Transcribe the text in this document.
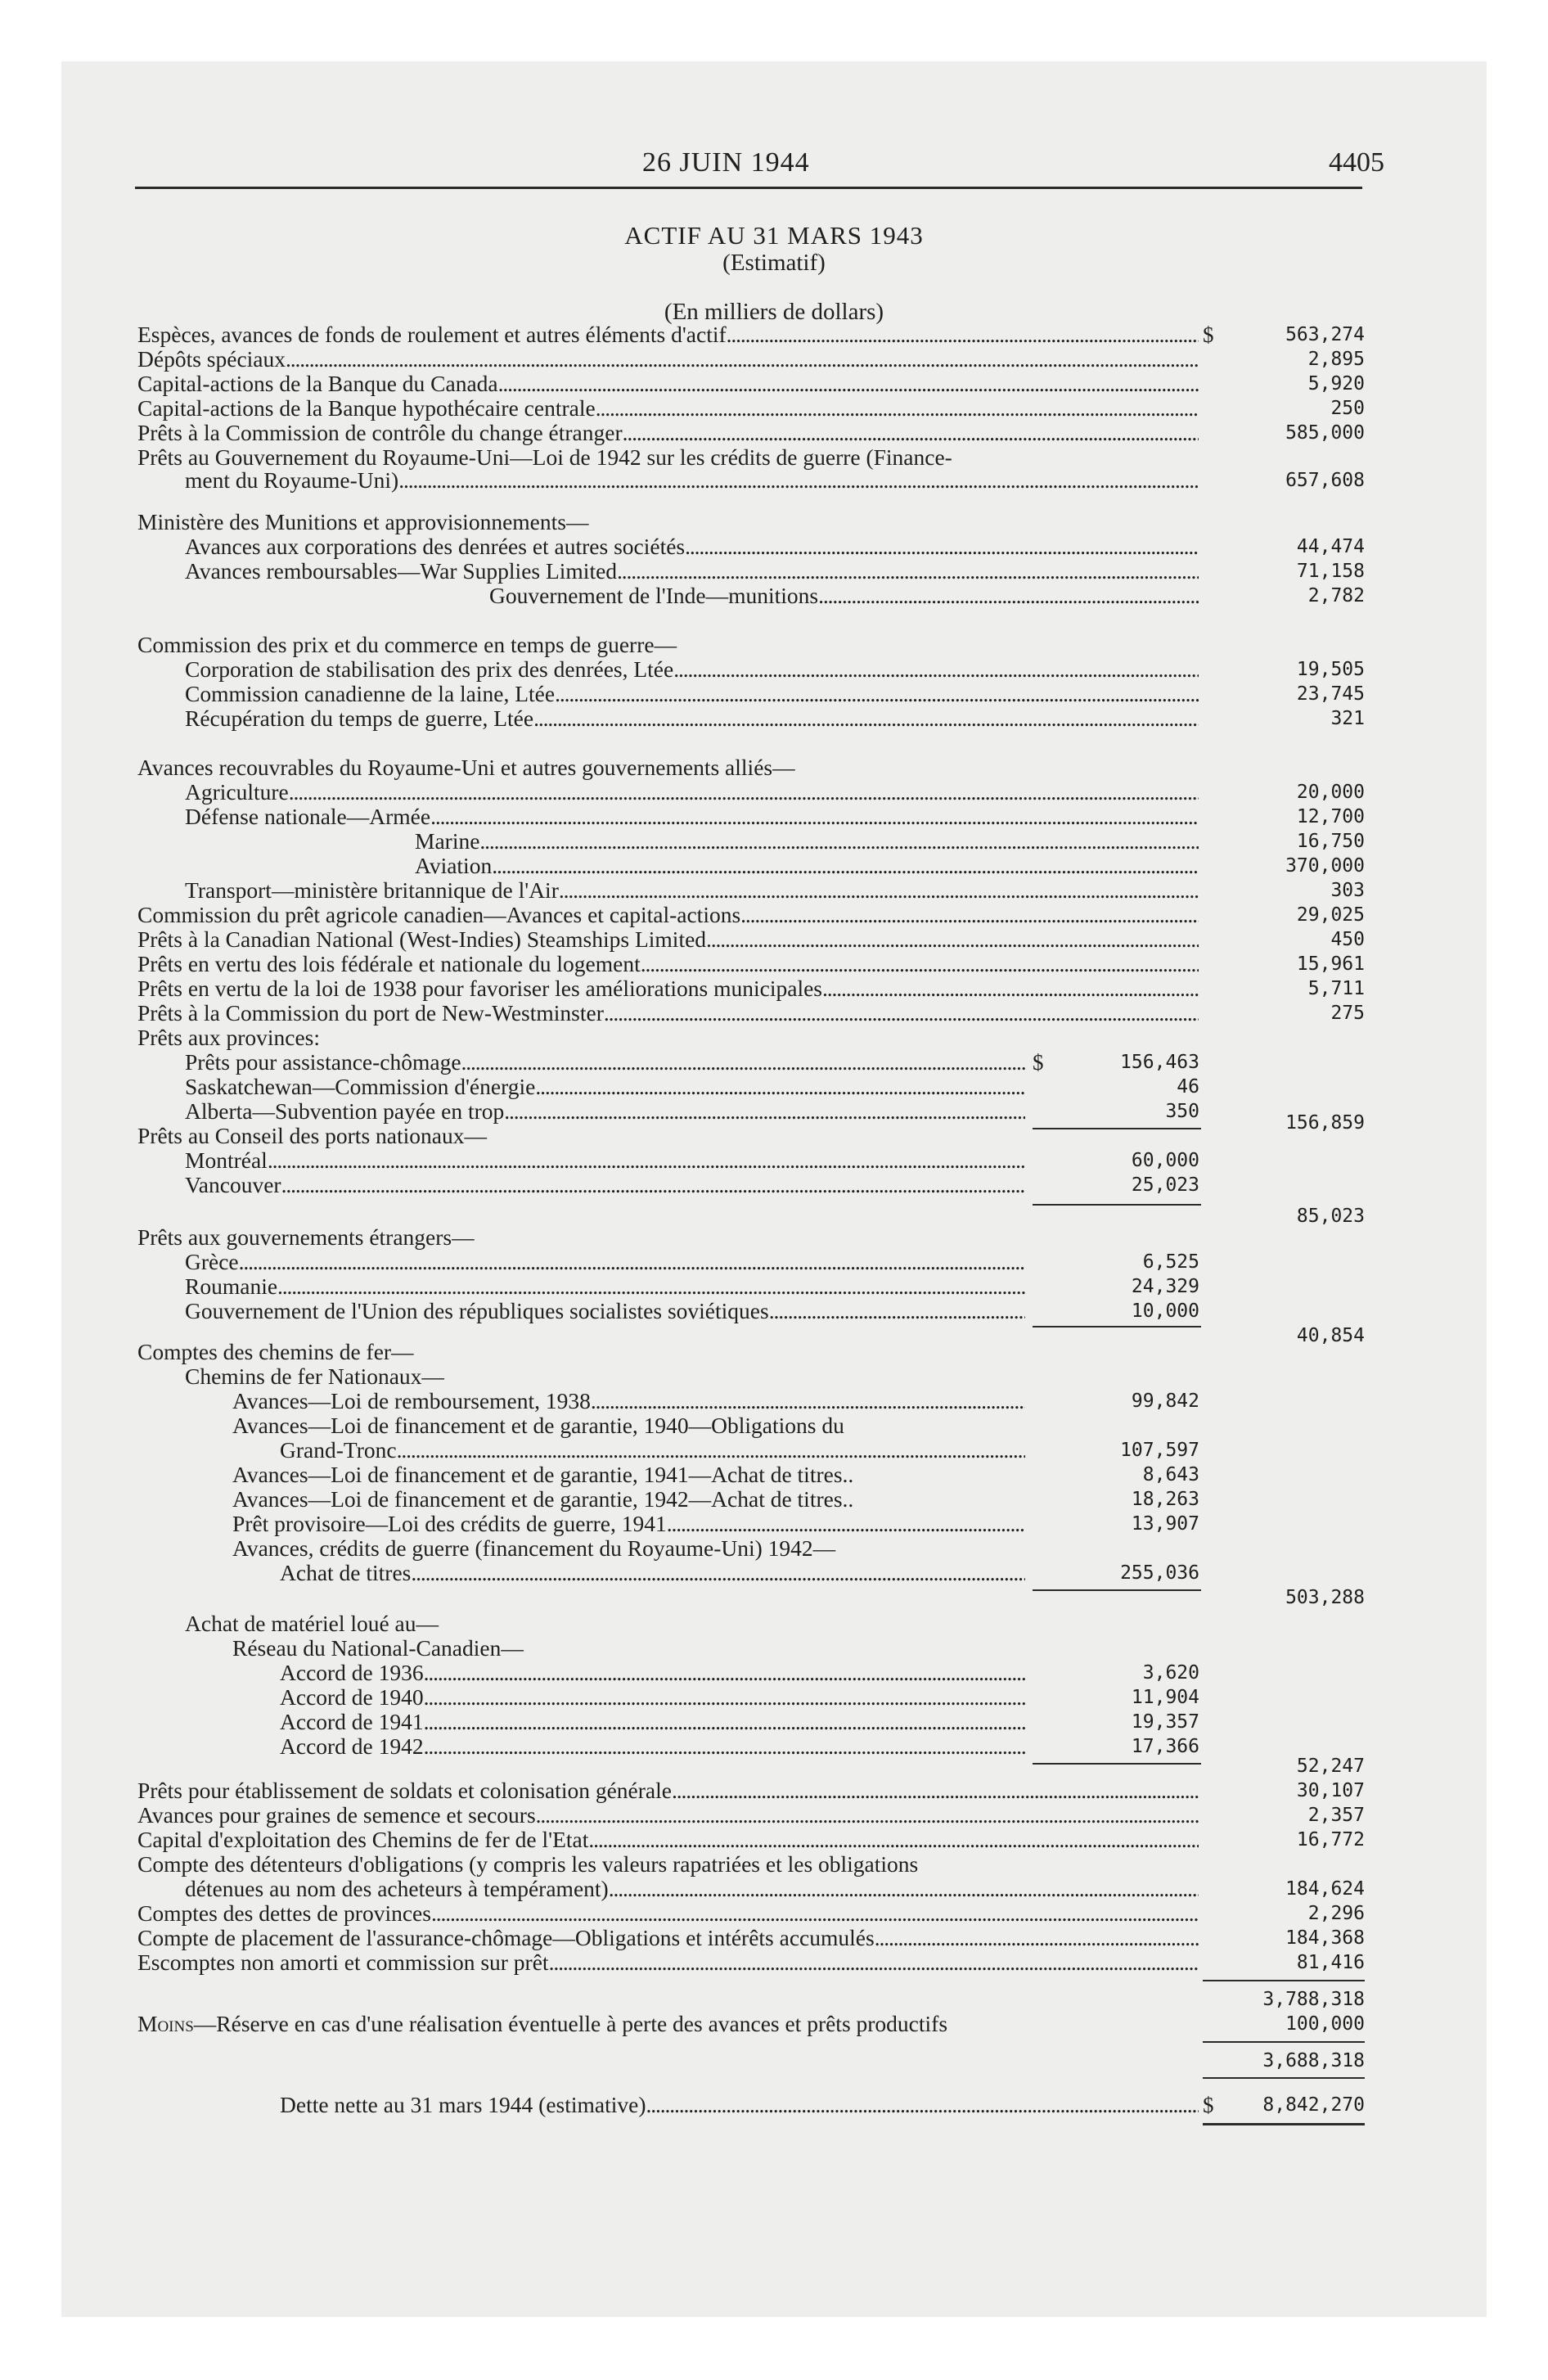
26 JUIN 1944	4405
ACTIF AU 31 MARS 1943
(Estimatif)
(En milliers de dollars)
Espèces, avances de fonds de roulement et autres éléments d'actif . . .	$	563,274
Dépôts spéciaux . . .	2,895
Capital-actions de la Banque du Canada . . .	5,920
Capital-actions de la Banque hypothécaire centrale . . .	250
Prêts à la Commission de contrôle du change étranger . . .	585,000
Prêts au Gouvernement du Royaume-Uni—Loi de 1942 sur les crédits de guerre (Finance-
ment du Royaume-Uni) . . .	657,608
Ministère des Munitions et approvisionnements—
Avances aux corporations des denrées et autres sociétés . . .	44,474
Avances remboursables—War Supplies Limited . . .	71,158
Gouvernement de l'Inde—munitions . . .	2,782
Commission des prix et du commerce en temps de guerre—
Corporation de stabilisation des prix des denrées, Ltée . . .	19,505
Commission canadienne de la laine, Ltée . . .	23,745
Récupération du temps de guerre, Ltée . . .	321
Avances recouvrables du Royaume-Uni et autres gouvernements alliés—
Agriculture . . .	20,000
Défense nationale—Armée . . .	12,700
Marine . . .	16,750
Aviation . . .	370,000
Transport—ministère britannique de l'Air . . .	303
Commission du prêt agricole canadien—Avances et capital-actions . . .	29,025
Prêts à la Canadian National (West-Indies) Steamships Limited . . .	450
Prêts en vertu des lois fédérale et nationale du logement . . .	15,961
Prêts en vertu de la loi de 1938 pour favoriser les améliorations municipales . . .	5,711
Prêts à la Commission du port de New-Westminster . . .	275
Prêts aux provinces:
Prêts pour assistance-chômage . . .	$	156,463
Saskatchewan—Commission d'énergie . . .	46
Alberta—Subvention payée en trop . . .	350
156,859
Prêts au Conseil des ports nationaux—
Montréal . . .	60,000
Vancouver . . .	25,023
85,023
Prêts aux gouvernements étrangers—
Grèce . . .	6,525
Roumanie . . .	24,329
Gouvernement de l'Union des républiques socialistes soviétiques . . .	10,000
40,854
Comptes des chemins de fer—
Chemins de fer Nationaux—
Avances—Loi de remboursement, 1938 . . .	99,842
Avances—Loi de financement et de garantie, 1940—Obligations du
Grand-Tronc . . .	107,597
Avances—Loi de financement et de garantie, 1941—Achat de titres..	8,643
Avances—Loi de financement et de garantie, 1942—Achat de titres..	18,263
Prêt provisoire—Loi des crédits de guerre, 1941 . . .	13,907
Avances, crédits de guerre (financement du Royaume-Uni) 1942—
Achat de titres . . .	255,036
503,288
Achat de matériel loué au—
Réseau du National-Canadien—
Accord de 1936 . . .	3,620
Accord de 1940 . . .	11,904
Accord de 1941 . . .	19,357
Accord de 1942 . . .	17,366
52,247
Prêts pour établissement de soldats et colonisation générale . . .	30,107
Avances pour graines de semence et secours . . .	2,357
Capital d'exploitation des Chemins de fer de l'Etat . . .	16,772
Compte des détenteurs d'obligations (y compris les valeurs rapatriées et les obligations
détenues au nom des acheteurs à tempérament) . . .	184,624
Comptes des dettes de provinces . . .	2,296
Compte de placement de l'assurance-chômage—Obligations et intérêts accumulés . . .	184,368
Escomptes non amorti et commission sur prêt . . .	81,416
3,788,318
Moins—Réserve en cas d'une réalisation éventuelle à perte des avances et prêts productifs	100,000
3,688,318
Dette nette au 31 mars 1944 (estimative) . . .	$	8,842,270
